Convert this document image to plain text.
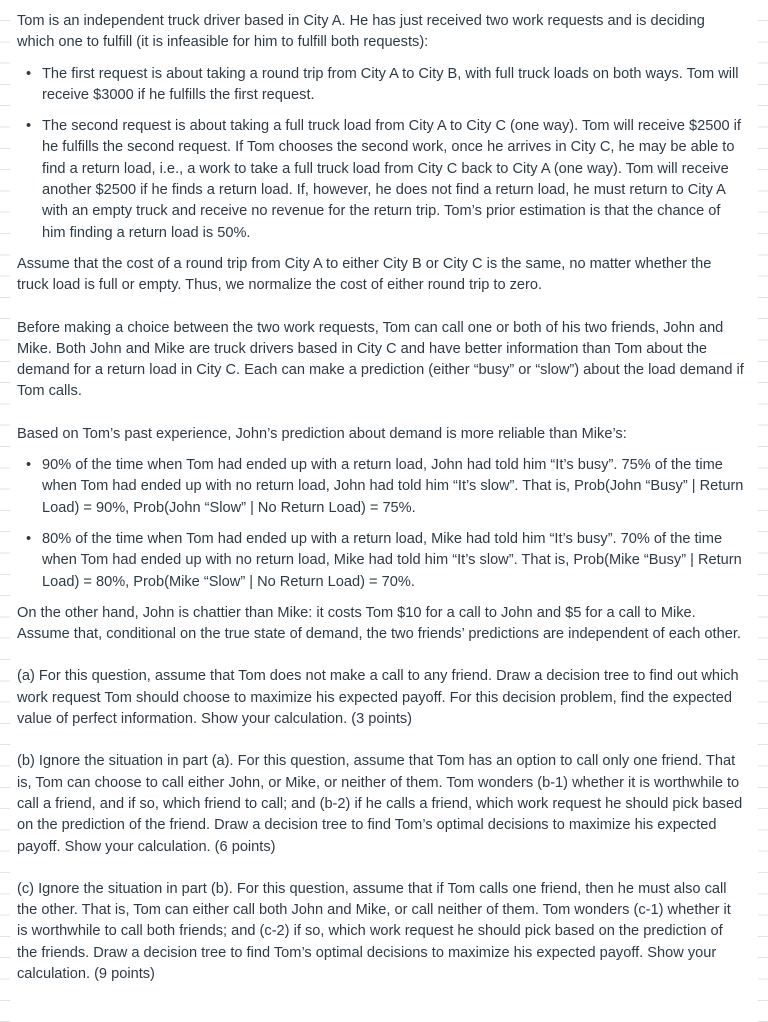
Tom is an independent truck driver based in City A. He has just received two work requests and is deciding which one to fulfill (it is infeasible for him to fulfill both requests):

• The first request is about taking a round trip from City A to City B, with full truck loads on both ways. Tom will receive $3000 if he fulfills the first request.
• The second request is about taking a full truck load from City A to City C (one way). Tom will receive $2500 if he fulfills the second request. If Tom chooses the second work, once he arrives in City C, he may be able to find a return load, i.e., a work to take a full truck load from City C back to City A (one way). Tom will receive another $2500 if he finds a return load. If, however, he does not find a return load, he must return to City A with an empty truck and receive no revenue for the return trip. Tom’s prior estimation is that the chance of him finding a return load is 50%.

Assume that the cost of a round trip from City A to either City B or City C is the same, no matter whether the truck load is full or empty. Thus, we normalize the cost of either round trip to zero.

Before making a choice between the two work requests, Tom can call one or both of his two friends, John and Mike. Both John and Mike are truck drivers based in City C and have better information than Tom about the demand for a return load in City C. Each can make a prediction (either “busy” or “slow”) about the load demand if Tom calls.

Based on Tom’s past experience, John’s prediction about demand is more reliable than Mike’s:

• 90% of the time when Tom had ended up with a return load, John had told him “It’s busy”. 75% of the time when Tom had ended up with no return load, John had told him “It’s slow”. That is, Prob(John “Busy” | Return Load) = 90%, Prob(John “Slow” | No Return Load) = 75%.
• 80% of the time when Tom had ended up with a return load, Mike had told him “It’s busy”. 70% of the time when Tom had ended up with no return load, Mike had told him “It’s slow”. That is, Prob(Mike “Busy” | Return Load) = 80%, Prob(Mike “Slow” | No Return Load) = 70%.

On the other hand, John is chattier than Mike: it costs Tom $10 for a call to John and $5 for a call to Mike. Assume that, conditional on the true state of demand, the two friends’ predictions are independent of each other.

(a) For this question, assume that Tom does not make a call to any friend. Draw a decision tree to find out which work request Tom should choose to maximize his expected payoff. For this decision problem, find the expected value of perfect information. Show your calculation. (3 points)

(b) Ignore the situation in part (a). For this question, assume that Tom has an option to call only one friend. That is, Tom can choose to call either John, or Mike, or neither of them. Tom wonders (b-1) whether it is worthwhile to call a friend, and if so, which friend to call; and (b-2) if he calls a friend, which work request he should pick based on the prediction of the friend. Draw a decision tree to find Tom’s optimal decisions to maximize his expected payoff. Show your calculation. (6 points)

(c) Ignore the situation in part (b). For this question, assume that if Tom calls one friend, then he must also call the other. That is, Tom can either call both John and Mike, or call neither of them. Tom wonders (c-1) whether it is worthwhile to call both friends; and (c-2) if so, which work request he should pick based on the prediction of the friends. Draw a decision tree to find Tom’s optimal decisions to maximize his expected payoff. Show your calculation. (9 points)
